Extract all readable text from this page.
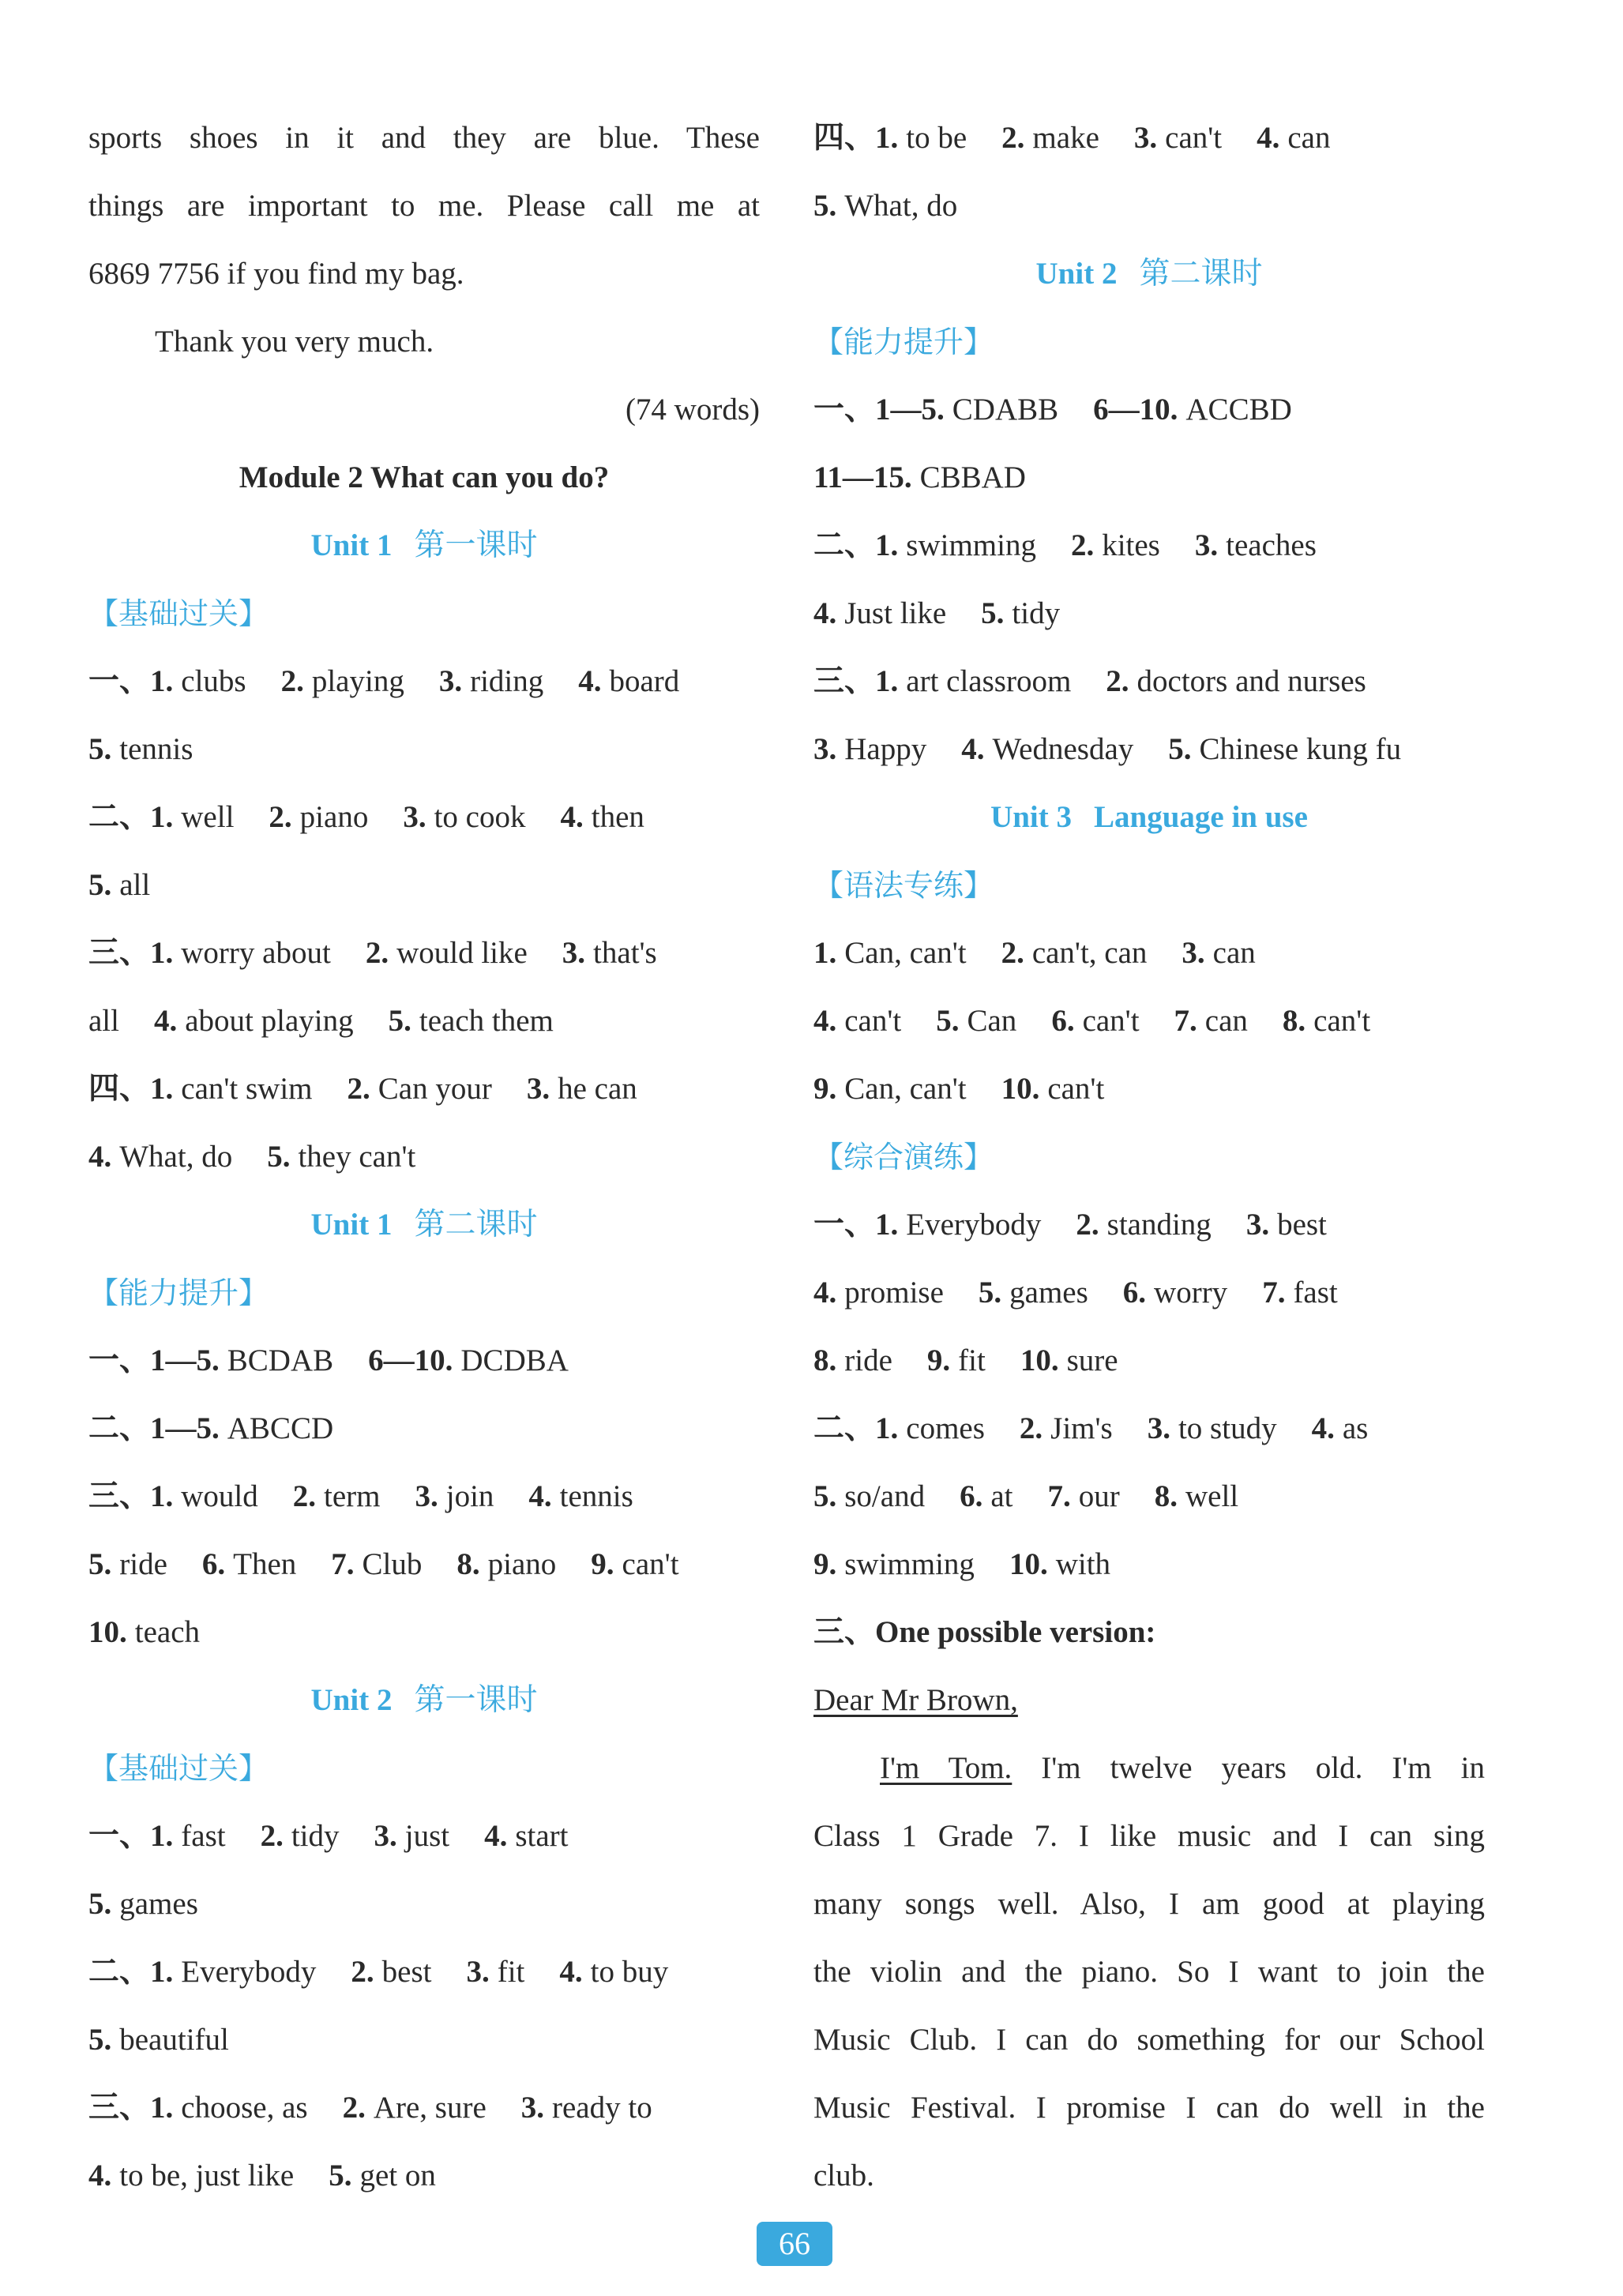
sports shoes in it and they are blue. These
things are important to me. Please call me at
6869 7756 if you find my bag.
Thank you very much.
(74 words)
Module 2 What can you do?
Unit 1 第一课时
【基础过关】
一、1. clubs 2. playing 3. riding 4. board
5. tennis
二、1. well 2. piano 3. to cook 4. then
5. all
三、1. worry about 2. would like 3. that's
all 4. about playing 5. teach them
四、1. can't swim 2. Can your 3. he can
4. What, do 5. they can't
Unit 1 第二课时
【能力提升】
一、1—5. BCDAB 6—10. DCDBA
二、1—5. ABCCD
三、1. would 2. term 3. join 4. tennis
5. ride 6. Then 7. Club 8. piano 9. can't
10. teach
Unit 2 第一课时
【基础过关】
一、1. fast 2. tidy 3. just 4. start
5. games
二、1. Everybody 2. best 3. fit 4. to buy
5. beautiful
三、1. choose, as 2. Are, sure 3. ready to
4. to be, just like 5. get on
四、1. to be 2. make 3. can't 4. can
5. What, do
Unit 2 第二课时
【能力提升】
一、1—5. CDABB 6—10. ACCBD
11—15. CBBAD
二、1. swimming 2. kites 3. teaches
4. Just like 5. tidy
三、1. art classroom 2. doctors and nurses
3. Happy 4. Wednesday 5. Chinese kung fu
Unit 3 Language in use
【语法专练】
1. Can, can't 2. can't, can 3. can
4. can't 5. Can 6. can't 7. can 8. can't
9. Can, can't 10. can't
【综合演练】
一、1. Everybody 2. standing 3. best
4. promise 5. games 6. worry 7. fast
8. ride 9. fit 10. sure
二、1. comes 2. Jim's 3. to study 4. as
5. so/and 6. at 7. our 8. well
9. swimming 10. with
三、One possible version:
Dear Mr Brown,
I'm Tom. I'm twelve years old. I'm in
Class 1 Grade 7. I like music and I can sing
many songs well. Also, I am good at playing
the violin and the piano. So I want to join the
Music Club. I can do something for our School
Music Festival. I promise I can do well in the
club.
66
